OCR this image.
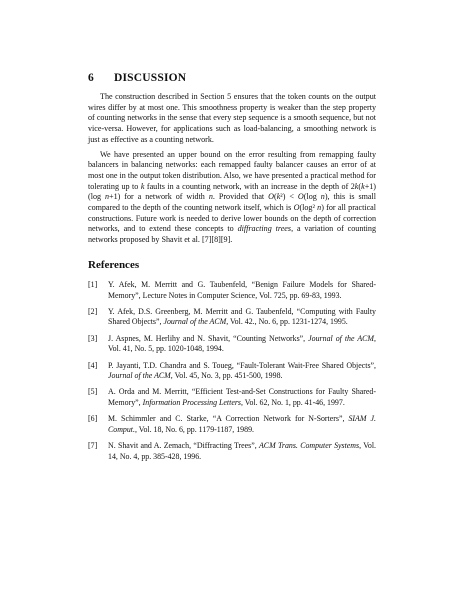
6 DISCUSSION

The construction described in Section 5 ensures that the token counts on the output wires differ by at most one. This smoothness property is weaker than the step property of counting networks in the sense that every step sequence is a smooth sequence, but not vice-versa. However, for applications such as load-balancing, a smoothing network is just as effective as a counting network.

We have presented an upper bound on the error resulting from remapping faulty balancers in balancing networks: each remapped faulty balancer causes an error of at most one in the output token distribution. Also, we have presented a practical method for tolerating up to k faults in a counting network, with an increase in the depth of 2k(k+1)(log n+1) for a network of width n. Provided that O(k²) < O(log n), this is small compared to the depth of the counting network itself, which is O(log² n) for all practical constructions. Future work is needed to derive lower bounds on the depth of correction networks, and to extend these concepts to diffracting trees, a variation of counting networks proposed by Shavit et al. [7][8][9].

References
[1]	Y. Afek, M. Merritt and G. Taubenfeld, “Benign Failure Models for Shared-Memory”, Lecture Notes in Computer Science, Vol. 725, pp. 69-83, 1993.
[2]	Y. Afek, D.S. Greenberg, M. Merritt and G. Taubenfeld, “Computing with Faulty Shared Objects”, Journal of the ACM, Vol. 42., No. 6, pp. 1231-1274, 1995.
[3]	J. Aspnes, M. Herlihy and N. Shavit, “Counting Networks”, Journal of the ACM, Vol. 41, No. 5, pp. 1020-1048, 1994.
[4]	P. Jayanti, T.D. Chandra and S. Toueg, “Fault-Tolerant Wait-Free Shared Objects”, Journal of the ACM, Vol. 45, No. 3, pp. 451-500, 1998.
[5]	A. Orda and M. Merritt, “Efficient Test-and-Set Constructions for Faulty Shared-Memory”, Information Processing Letters, Vol. 62, No. 1, pp. 41-46, 1997.
[6]	M. Schimmler and C. Starke, “A Correction Network for N-Sorters”, SIAM J. Comput., Vol. 18, No. 6, pp. 1179-1187, 1989.
[7]	N. Shavit and A. Zemach, “Diffracting Trees”, ACM Trans. Computer Systems, Vol. 14, No. 4, pp. 385-428, 1996.
